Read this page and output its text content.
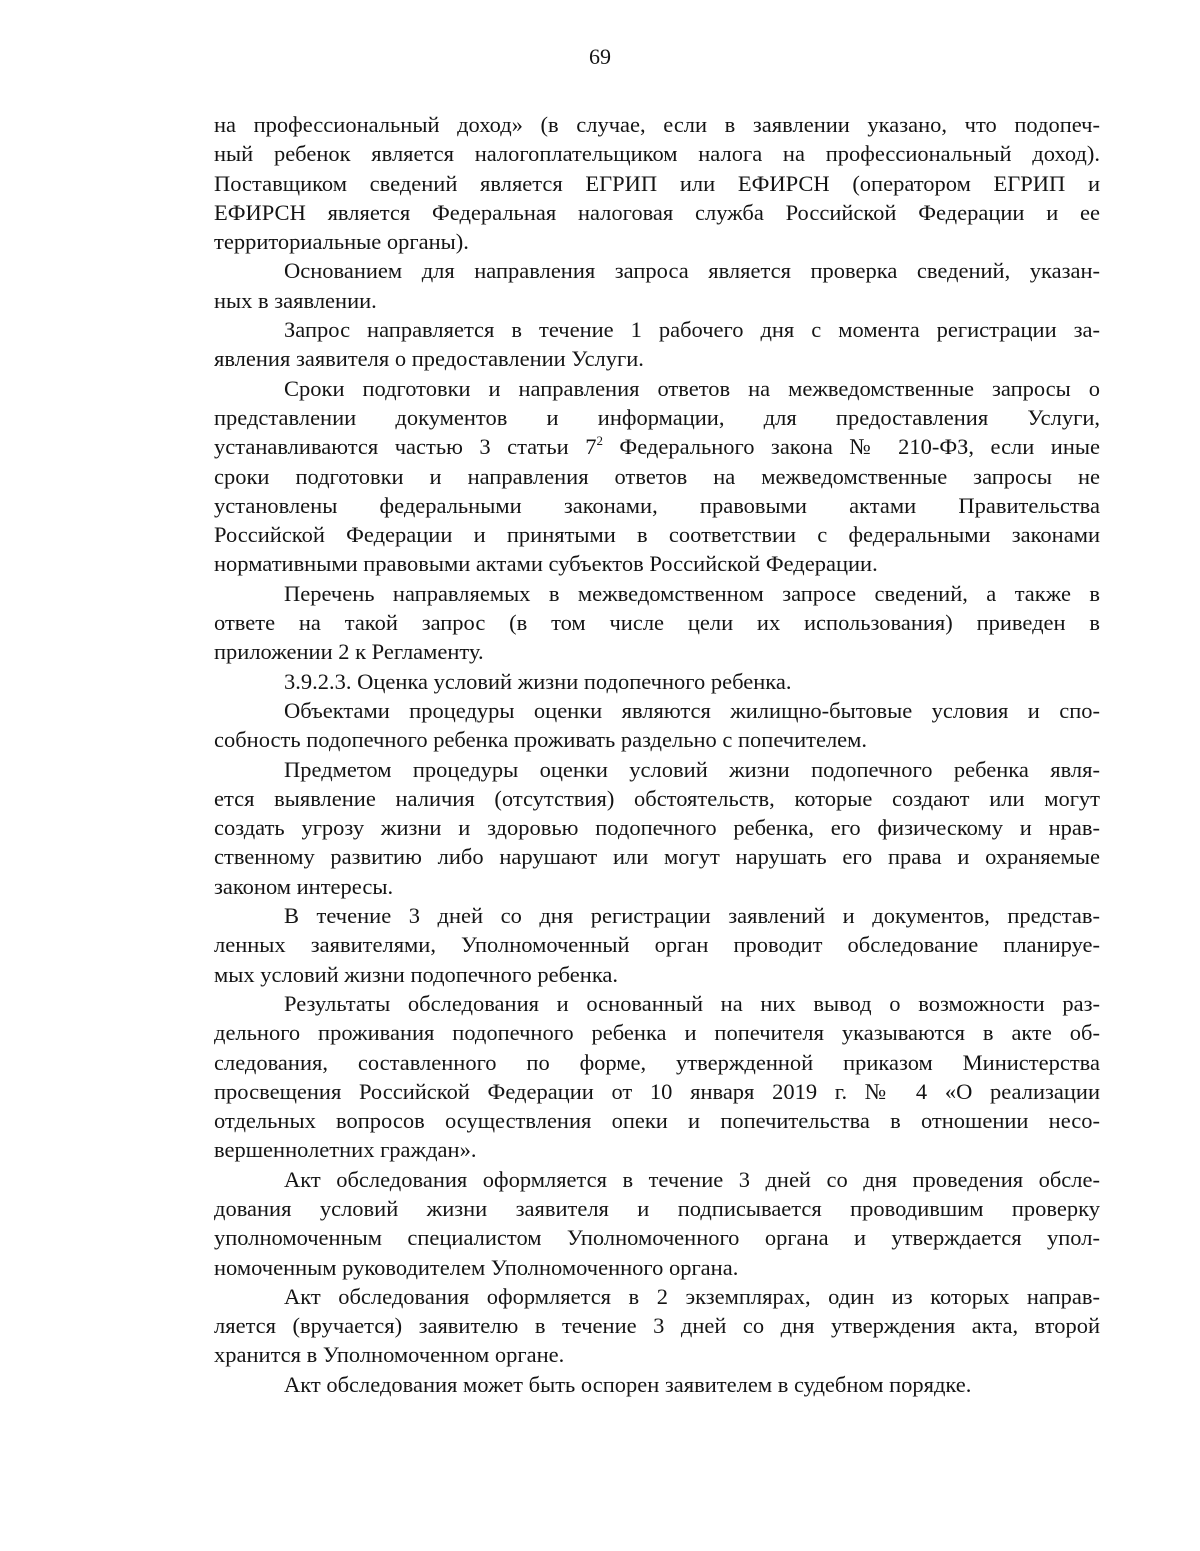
69
на профессиональный доход» (в случае, если в заявлении указано, что подопеч-
ный ребенок является налогоплательщиком налога на профессиональный доход).
Поставщиком сведений является ЕГРИП или ЕФИРСН (оператором ЕГРИП и
ЕФИРСН является Федеральная налоговая служба Российской Федерации и ее
территориальные органы).
Основанием для направления запроса является проверка сведений, указан-
ных в заявлении.
Запрос направляется в течение 1 рабочего дня с момента регистрации за-
явления заявителя о предоставлении Услуги.
Сроки подготовки и направления ответов на межведомственные запросы о
представлении документов и информации, для предоставления Услуги,
устанавливаются частью 3 статьи $7^2$ Федерального закона № 210-ФЗ, если иные
сроки подготовки и направления ответов на межведомственные запросы не
установлены федеральными законами, правовыми актами Правительства
Российской Федерации и принятыми в соответствии с федеральными законами
нормативными правовыми актами субъектов Российской Федерации.
Перечень направляемых в межведомственном запросе сведений, а также в
ответе на такой запрос (в том числе цели их использования) приведен в
приложении 2 к Регламенту.
3.9.2.3. Оценка условий жизни подопечного ребенка.
Объектами процедуры оценки являются жилищно-бытовые условия и спо-
собность подопечного ребенка проживать раздельно с попечителем.
Предметом процедуры оценки условий жизни подопечного ребенка явля-
ется выявление наличия (отсутствия) обстоятельств, которые создают или могут
создать угрозу жизни и здоровью подопечного ребенка, его физическому и нрав-
ственному развитию либо нарушают или могут нарушать его права и охраняемые
законом интересы.
В течение 3 дней со дня регистрации заявлений и документов, представ-
ленных заявителями, Уполномоченный орган проводит обследование планируе-
мых условий жизни подопечного ребенка.
Результаты обследования и основанный на них вывод о возможности раз-
дельного проживания подопечного ребенка и попечителя указываются в акте об-
следования, составленного по форме, утвержденной приказом Министерства
просвещения Российской Федерации от 10 января 2019 г. № 4 «О реализации
отдельных вопросов осуществления опеки и попечительства в отношении несо-
вершеннолетних граждан».
Акт обследования оформляется в течение 3 дней со дня проведения обсле-
дования условий жизни заявителя и подписывается проводившим проверку
уполномоченным специалистом Уполномоченного органа и утверждается упол-
номоченным руководителем Уполномоченного органа.
Акт обследования оформляется в 2 экземплярах, один из которых направ-
ляется (вручается) заявителю в течение 3 дней со дня утверждения акта, второй
хранится в Уполномоченном органе.
Акт обследования может быть оспорен заявителем в судебном порядке.
